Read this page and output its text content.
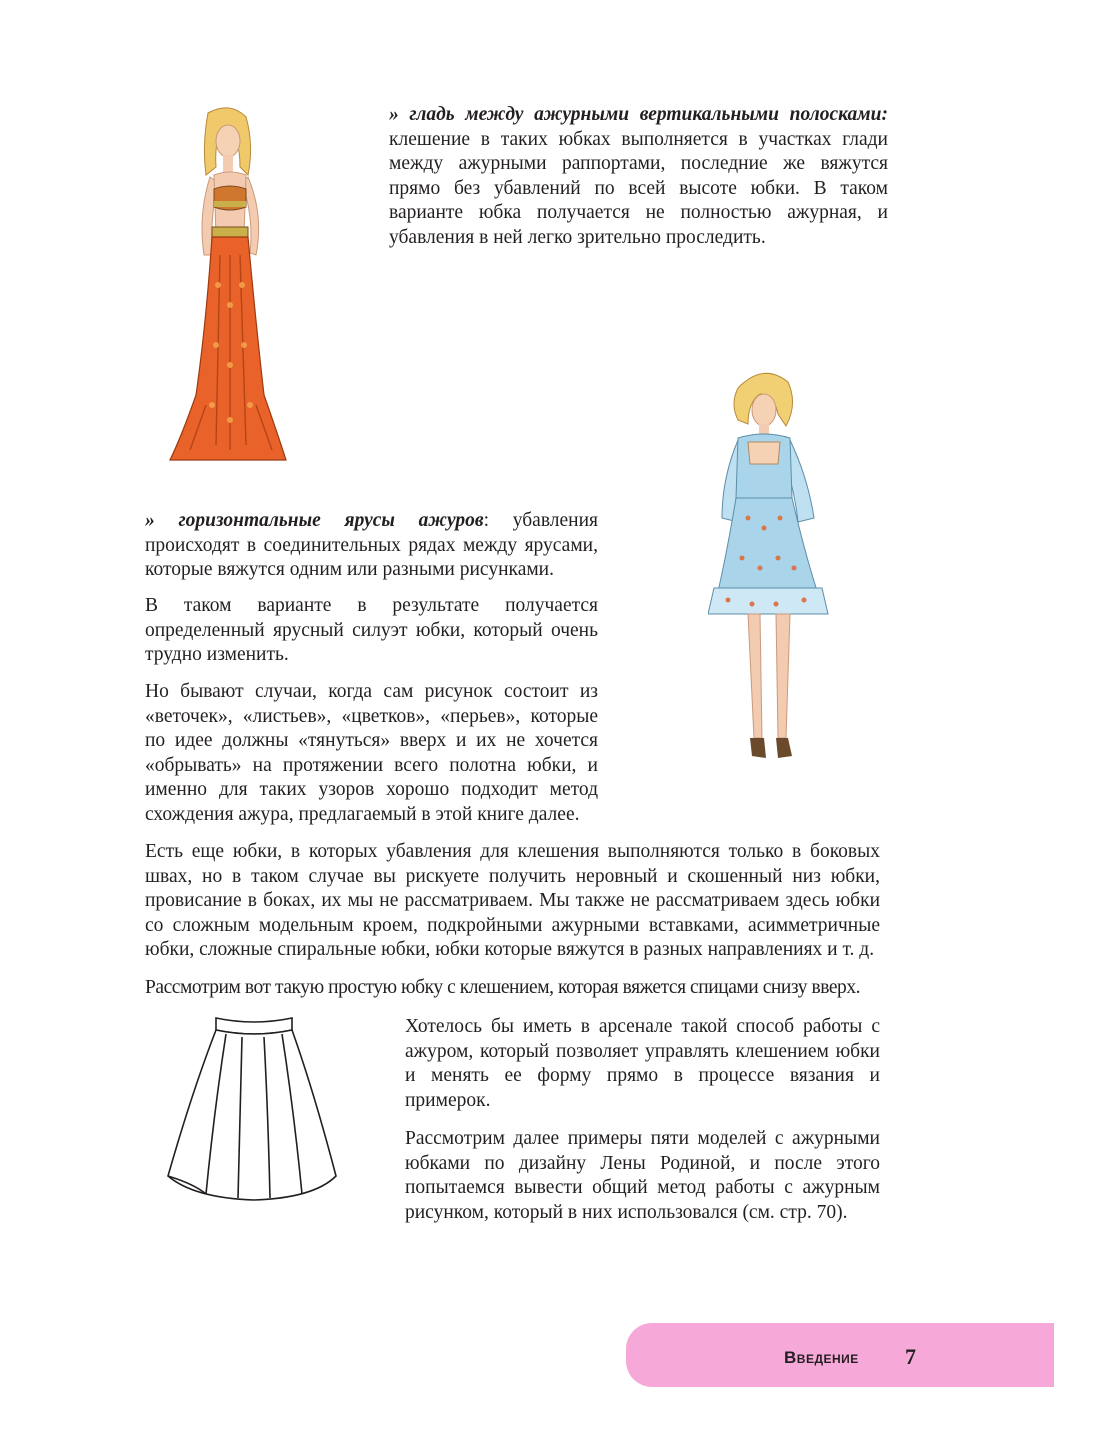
» гладь между ажурными вертикальными полосками: клешение в таких юбках выполняется в участках глади между ажурными раппортами, последние же вяжутся прямо без убавлений по всей высоте юбки. В таком варианте юбка получается не полностью ажурная, и убавления в ней легко зрительно проследить.

» горизонтальные ярусы ажуров: убавления происходят в соединительных рядах между ярусами, которые вяжутся одним или разными рисунками.

В таком варианте в результате получается определенный ярусный силуэт юбки, который очень трудно изменить.

Но бывают случаи, когда сам рисунок состоит из «веточек», «листьев», «цветков», «перьев», которые по идее должны «тянуться» вверх и их не хочется «обрывать» на протяжении всего полотна юбки, и именно для таких узоров хорошо подходит метод схождения ажура, предлагаемый в этой книге далее.

Есть еще юбки, в которых убавления для клешения выполняются только в боковых швах, но в таком случае вы рискуете получить неровный и скошенный низ юбки, провисание в боках, их мы не рассматриваем. Мы также не рассматриваем здесь юбки со сложным модельным кроем, подкройными ажурными вставками, асимметричные юбки, сложные спиральные юбки, юбки которые вяжутся в разных направлениях и т. д.

Рассмотрим вот такую простую юбку с клешением, которая вяжется спицами снизу вверх.

Хотелось бы иметь в арсенале такой способ работы с ажуром, который позволяет управлять клешением юбки и менять ее форму прямо в процессе вязания и примерок.

Рассмотрим далее примеры пяти моделей с ажурными юбками по дизайну Лены Родиной, и после этого попытаемся вывести общий метод работы с ажурным рисунком, который в них использовался (см. стр. 70).

Введение 7
